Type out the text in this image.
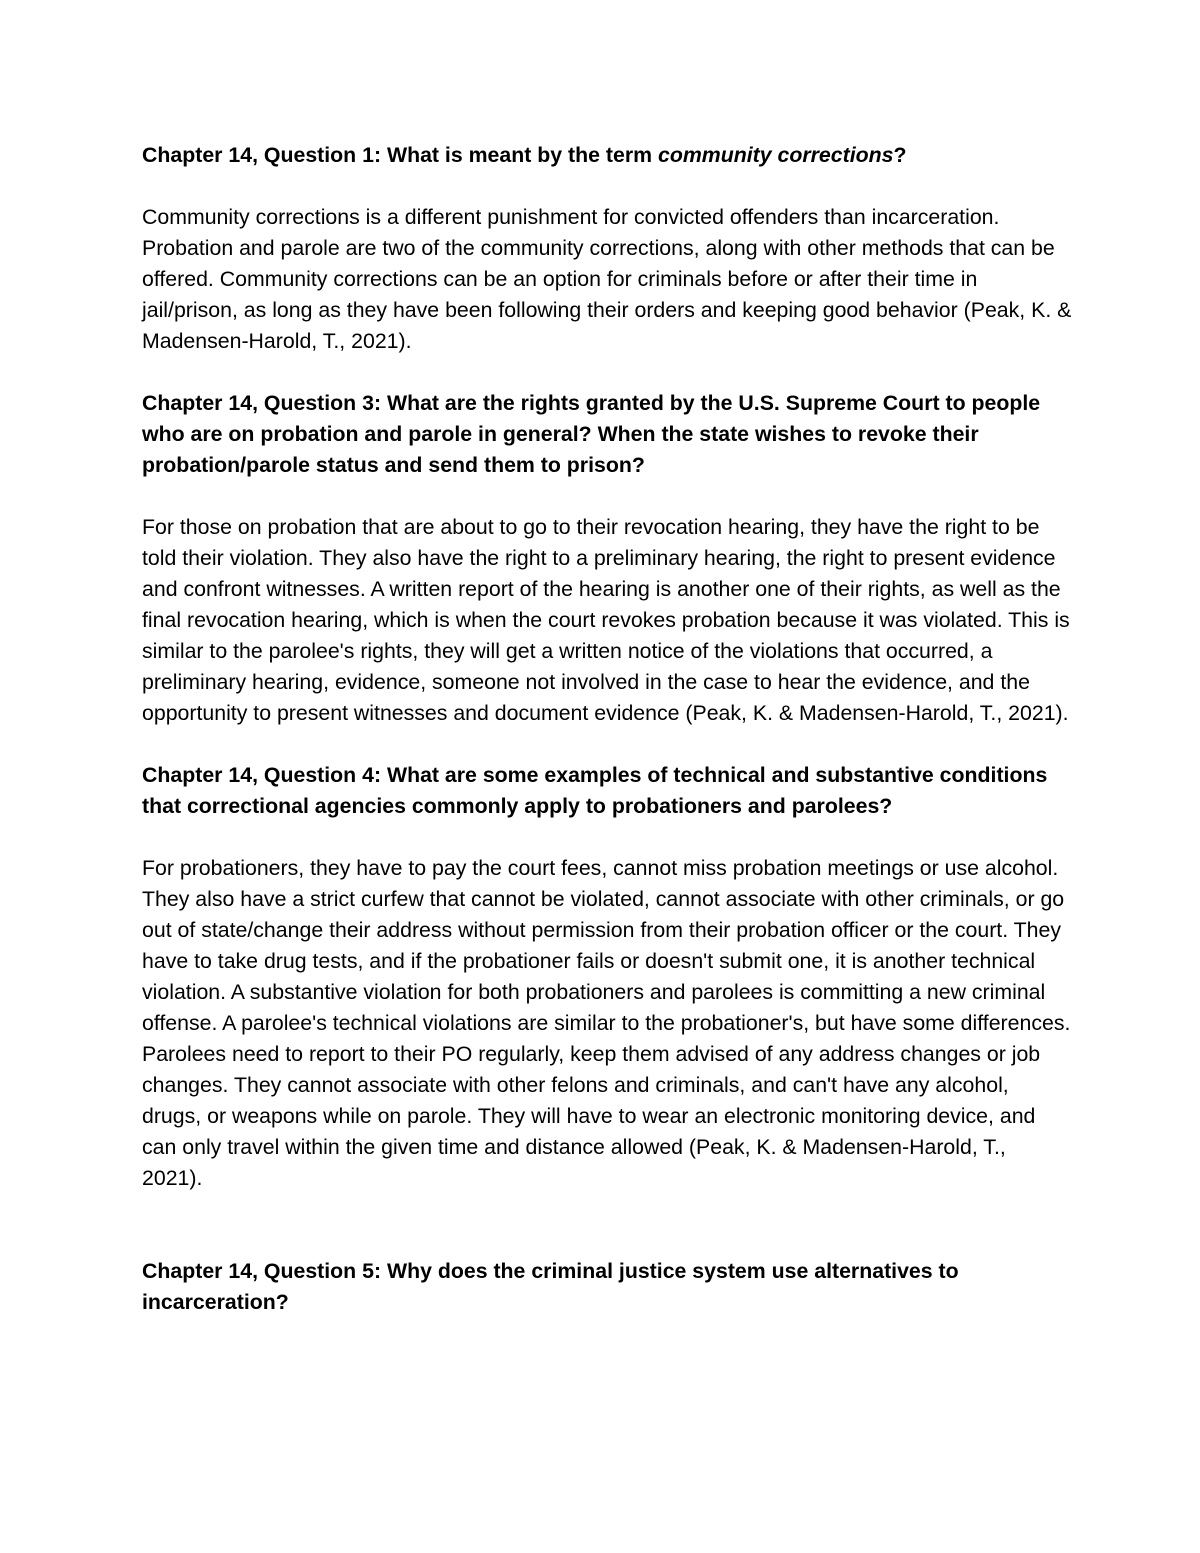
Chapter 14, Question 1: What is meant by the term community corrections?

Community corrections is a different punishment for convicted offenders than incarceration. Probation and parole are two of the community corrections, along with other methods that can be offered. Community corrections can be an option for criminals before or after their time in jail/prison, as long as they have been following their orders and keeping good behavior (Peak, K. & Madensen-Harold, T., 2021).

Chapter 14, Question 3: What are the rights granted by the U.S. Supreme Court to people who are on probation and parole in general? When the state wishes to revoke their probation/parole status and send them to prison?

For those on probation that are about to go to their revocation hearing, they have the right to be told their violation. They also have the right to a preliminary hearing, the right to present evidence and confront witnesses. A written report of the hearing is another one of their rights, as well as the final revocation hearing, which is when the court revokes probation because it was violated. This is similar to the parolee's rights, they will get a written notice of the violations that occurred, a preliminary hearing, evidence, someone not involved in the case to hear the evidence, and the opportunity to present witnesses and document evidence (Peak, K. & Madensen-Harold, T., 2021).

Chapter 14, Question 4: What are some examples of technical and substantive conditions that correctional agencies commonly apply to probationers and parolees?

For probationers, they have to pay the court fees, cannot miss probation meetings or use alcohol. They also have a strict curfew that cannot be violated, cannot associate with other criminals, or go out of state/change their address without permission from their probation officer or the court. They have to take drug tests, and if the probationer fails or doesn't submit one, it is another technical violation. A substantive violation for both probationers and parolees is committing a new criminal offense. A parolee's technical violations are similar to the probationer's, but have some differences. Parolees need to report to their PO regularly, keep them advised of any address changes or job changes. They cannot associate with other felons and criminals, and can't have any alcohol, drugs, or weapons while on parole. They will have to wear an electronic monitoring device, and can only travel within the given time and distance allowed (Peak, K. & Madensen-Harold, T., 2021).

Chapter 14, Question 5: Why does the criminal justice system use alternatives to incarceration?
